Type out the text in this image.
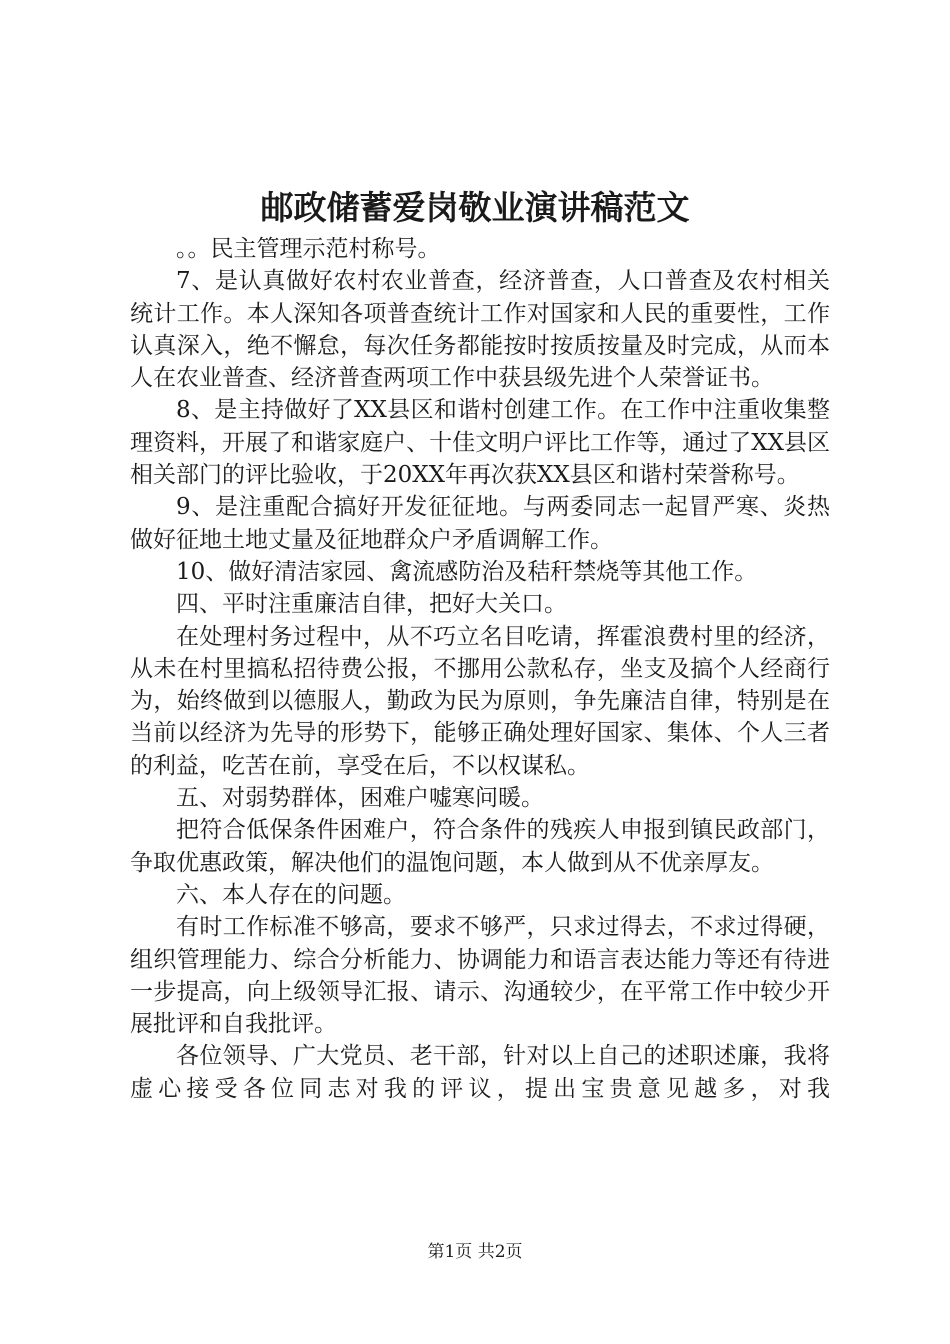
邮政储蓄爱岗敬业演讲稿范文

。。民主管理示范村称号。

7、是认真做好农村农业普查，经济普查，人口普查及农村相关统计工作。本人深知各项普查统计工作对国家和人民的重要性，工作认真深入，绝不懈怠，每次任务都能按时按质按量及时完成，从而本人在农业普查、经济普查两项工作中获县级先进个人荣誉证书。

8、是主持做好了XX县区和谐村创建工作。在工作中注重收集整理资料，开展了和谐家庭户、十佳文明户评比工作等，通过了XX县区相关部门的评比验收，于20XX年再次获XX县区和谐村荣誉称号。

9、是注重配合搞好开发征征地。与两委同志一起冒严寒、炎热做好征地土地丈量及征地群众户矛盾调解工作。

10、做好清洁家园、禽流感防治及秸秆禁烧等其他工作。

四、平时注重廉洁自律，把好大关口。

在处理村务过程中，从不巧立名目吃请，挥霍浪费村里的经济，从未在村里搞私招待费公报，不挪用公款私存，坐支及搞个人经商行为，始终做到以德服人，勤政为民为原则，争先廉洁自律，特别是在当前以经济为先导的形势下，能够正确处理好国家、集体、个人三者的利益，吃苦在前，享受在后，不以权谋私。

五、对弱势群体，困难户嘘寒问暖。

把符合低保条件困难户，符合条件的残疾人申报到镇民政部门，争取优惠政策，解决他们的温饱问题，本人做到从不优亲厚友。

六、本人存在的问题。

有时工作标准不够高，要求不够严，只求过得去，不求过得硬，组织管理能力、综合分析能力、协调能力和语言表达能力等还有待进一步提高，向上级领导汇报、请示、沟通较少，在平常工作中较少开展批评和自我批评。

各位领导、广大党员、老干部，针对以上自己的述职述廉，我将虚心接受各位同志对我的评议，提出宝贵意见越多，对我

第1页 共2页
